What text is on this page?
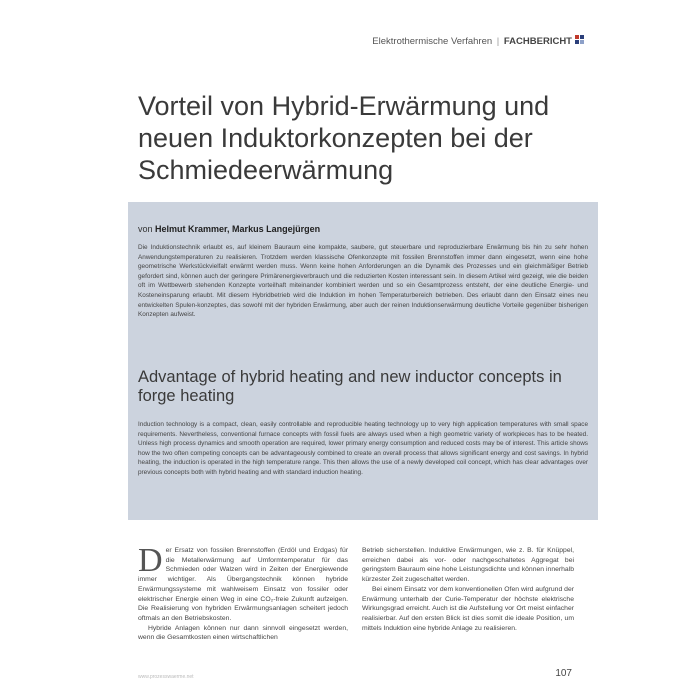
Elektrothermische Verfahren | FACHBERICHT
Vorteil von Hybrid-Erwärmung und neuen Induktorkonzepten bei der Schmiedeerwärmung
von Helmut Krammer, Markus Langejürgen

Die Induktionstechnik erlaubt es, auf kleinem Bauraum eine kompakte, saubere, gut steuerbare und reproduzierbare Erwärmung bis hin zu sehr hohen Anwendungstemperaturen zu realisieren. Trotzdem werden klassische Ofenkonzepte mit fossilen Brennstoffen immer dann eingesetzt, wenn eine hohe geometrische Werkstückvielfalt erwärmt werden muss. Wenn keine hohen Anforderungen an die Dynamik des Prozesses und ein gleichmäßiger Betrieb gefordert sind, können auch der geringere Primärenergieverbrauch und die reduzierten Kosten interessant sein. In diesem Artikel wird gezeigt, wie die beiden oft im Wettbewerb stehenden Konzepte vorteilhaft miteinander kombiniert werden und so ein Gesamtprozess entsteht, der eine deutliche Energie- und Kosteneinsparung erlaubt. Mit diesem Hybridbetrieb wird die Induktion im hohen Temperaturbereich betrieben. Des erlaubt dann den Einsatz eines neu entwickelten Spulen-konzeptes, das sowohl mit der hybriden Erwärmung, aber auch der reinen Induktionserwärmung deutliche Vorteile gegenüber bisherigen Konzepten aufweist.

Advantage of hybrid heating and new inductor concepts in forge heating

Induction technology is a compact, clean, easily controllable and reproducible heating technology up to very high application temperatures with small space requirements. Nevertheless, conventional furnace concepts with fossil fuels are always used when a high geometric variety of workpieces has to be heated. Unless high process dynamics and smooth operation are required, lower primary energy consumption and reduced costs may be of interest. This article shows how the two often competing concepts can be advantageously combined to create an overall process that allows significant energy and cost savings. In hybrid heating, the induction is operated in the high temperature range. This then allows the use of a newly developed coil concept, which has clear advantages over previous concepts both with hybrid heating and with standard induction heating.

D er Ersatz von fossilen Brennstoffen (Erdöl und Erdgas) für die Metallerwärmung auf Umformtemperatur für das Schmieden oder Walzen wird in Zeiten der Energiewende immer wichtiger. Als Übergangstechnik können hybride Erwärmungssysteme mit wahlweisem Einsatz von fossiler oder elektrischer Energie einen Weg in eine CO₂-freie Zukunft aufzeigen. Die Realisierung von hybriden Erwärmungsanlagen scheitert jedoch oftmals an den Betriebskosten.

Hybride Anlagen können nur dann sinnvoll eingesetzt werden, wenn die Gesamtkosten einen wirtschaftlichen

Betrieb sicherstellen. Induktive Erwärmungen, wie z. B. für Knüppel, erreichen dabei als vor- oder nachgeschaltetes Aggregat bei geringstem Bauraum eine hohe Leistungsdichte und können innerhalb kürzester Zeit zugeschaltet werden.

Bei einem Einsatz vor dem konventionellen Ofen wird aufgrund der Erwärmung unterhalb der Curie-Temperatur der höchste elektrische Wirkungsgrad erreicht. Auch ist die Aufstellung vor Ort meist einfacher realisierbar. Auf den ersten Blick ist dies somit die ideale Position, um mittels Induktion eine hybride Anlage zu realisieren.

www.prozesswaerme.net	107
